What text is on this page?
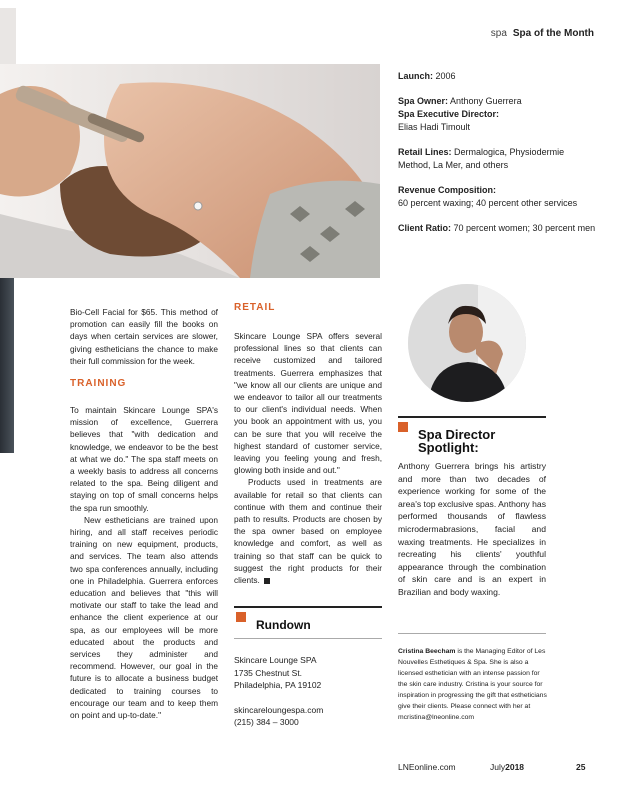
spa Spa of the Month
Launch: 2006
Spa Owner: Anthony Guerrera
Spa Executive Director:
Elias Hadi Timoult
Retail Lines: Dermalogica, Physiodermie Method, La Mer, and others
Revenue Composition:
60 percent waxing; 40 percent other services
Client Ratio: 70 percent women; 30 percent men

Bio-Cell Facial for $65. This method of promotion can easily fill the books on days when certain services are slower, giving estheticians the chance to make their full commission for the week.

TRAINING

To maintain Skincare Lounge SPA's mission of excellence, Guerrera believes that "with dedication and knowledge, we endeavor to be the best at what we do." The spa staff meets on a weekly basis to address all concerns related to the spa. Being diligent and staying on top of small concerns helps the spa run smoothly.

New estheticians are trained upon hiring, and all staff receives periodic training on new equipment, products, and services. The team also attends two spa conferences annually, including one in Philadelphia. Guerrera enforces education and believes that "this will motivate our staff to take the lead and enhance the client experience at our spa, as our employees will be more educated about the products and services they administer and recommend. However, our goal in the future is to allocate a business budget dedicated to training courses to encourage our team and to keep them on point and up-to-date."

RETAIL

Skincare Lounge SPA offers several professional lines so that clients can receive customized and tailored treatments. Guerrera emphasizes that "we know all our clients are unique and we endeavor to tailor all our treatments to our client's individual needs. When you book an appointment with us, you can be sure that you will receive the highest standard of customer service, leaving you feeling young and fresh, glowing both inside and out."

Products used in treatments are available for retail so that clients can continue with them and continue their path to results. Products are chosen by the spa owner based on employee knowledge and comfort, as well as training so that staff can be quick to suggest the right products for their clients.

Rundown
Skincare Lounge SPA
1735 Chestnut St.
Philadelphia, PA 19102
skincareloungespa.com
(215) 384 – 3000
Spa Director Spotlight:
Anthony Guerrera brings his artistry and more than two decades of experience working for some of the area's top exclusive spas. Anthony has performed thousands of flawless microdermabrasions, facial and waxing treatments. He specializes in recreating his clients' youthful appearance through the combination of skin care and is an expert in Brazilian and body waxing.
Cristina Beecham is the Managing Editor of Les Nouvelles Esthetiques & Spa. She is also a licensed esthetician with an intense passion for the skin care industry. Cristina is your source for inspiration in progressing the gift that estheticians give their clients. Please connect with her at mcristina@lneonline.com
LNEonline.com	July2018	25
